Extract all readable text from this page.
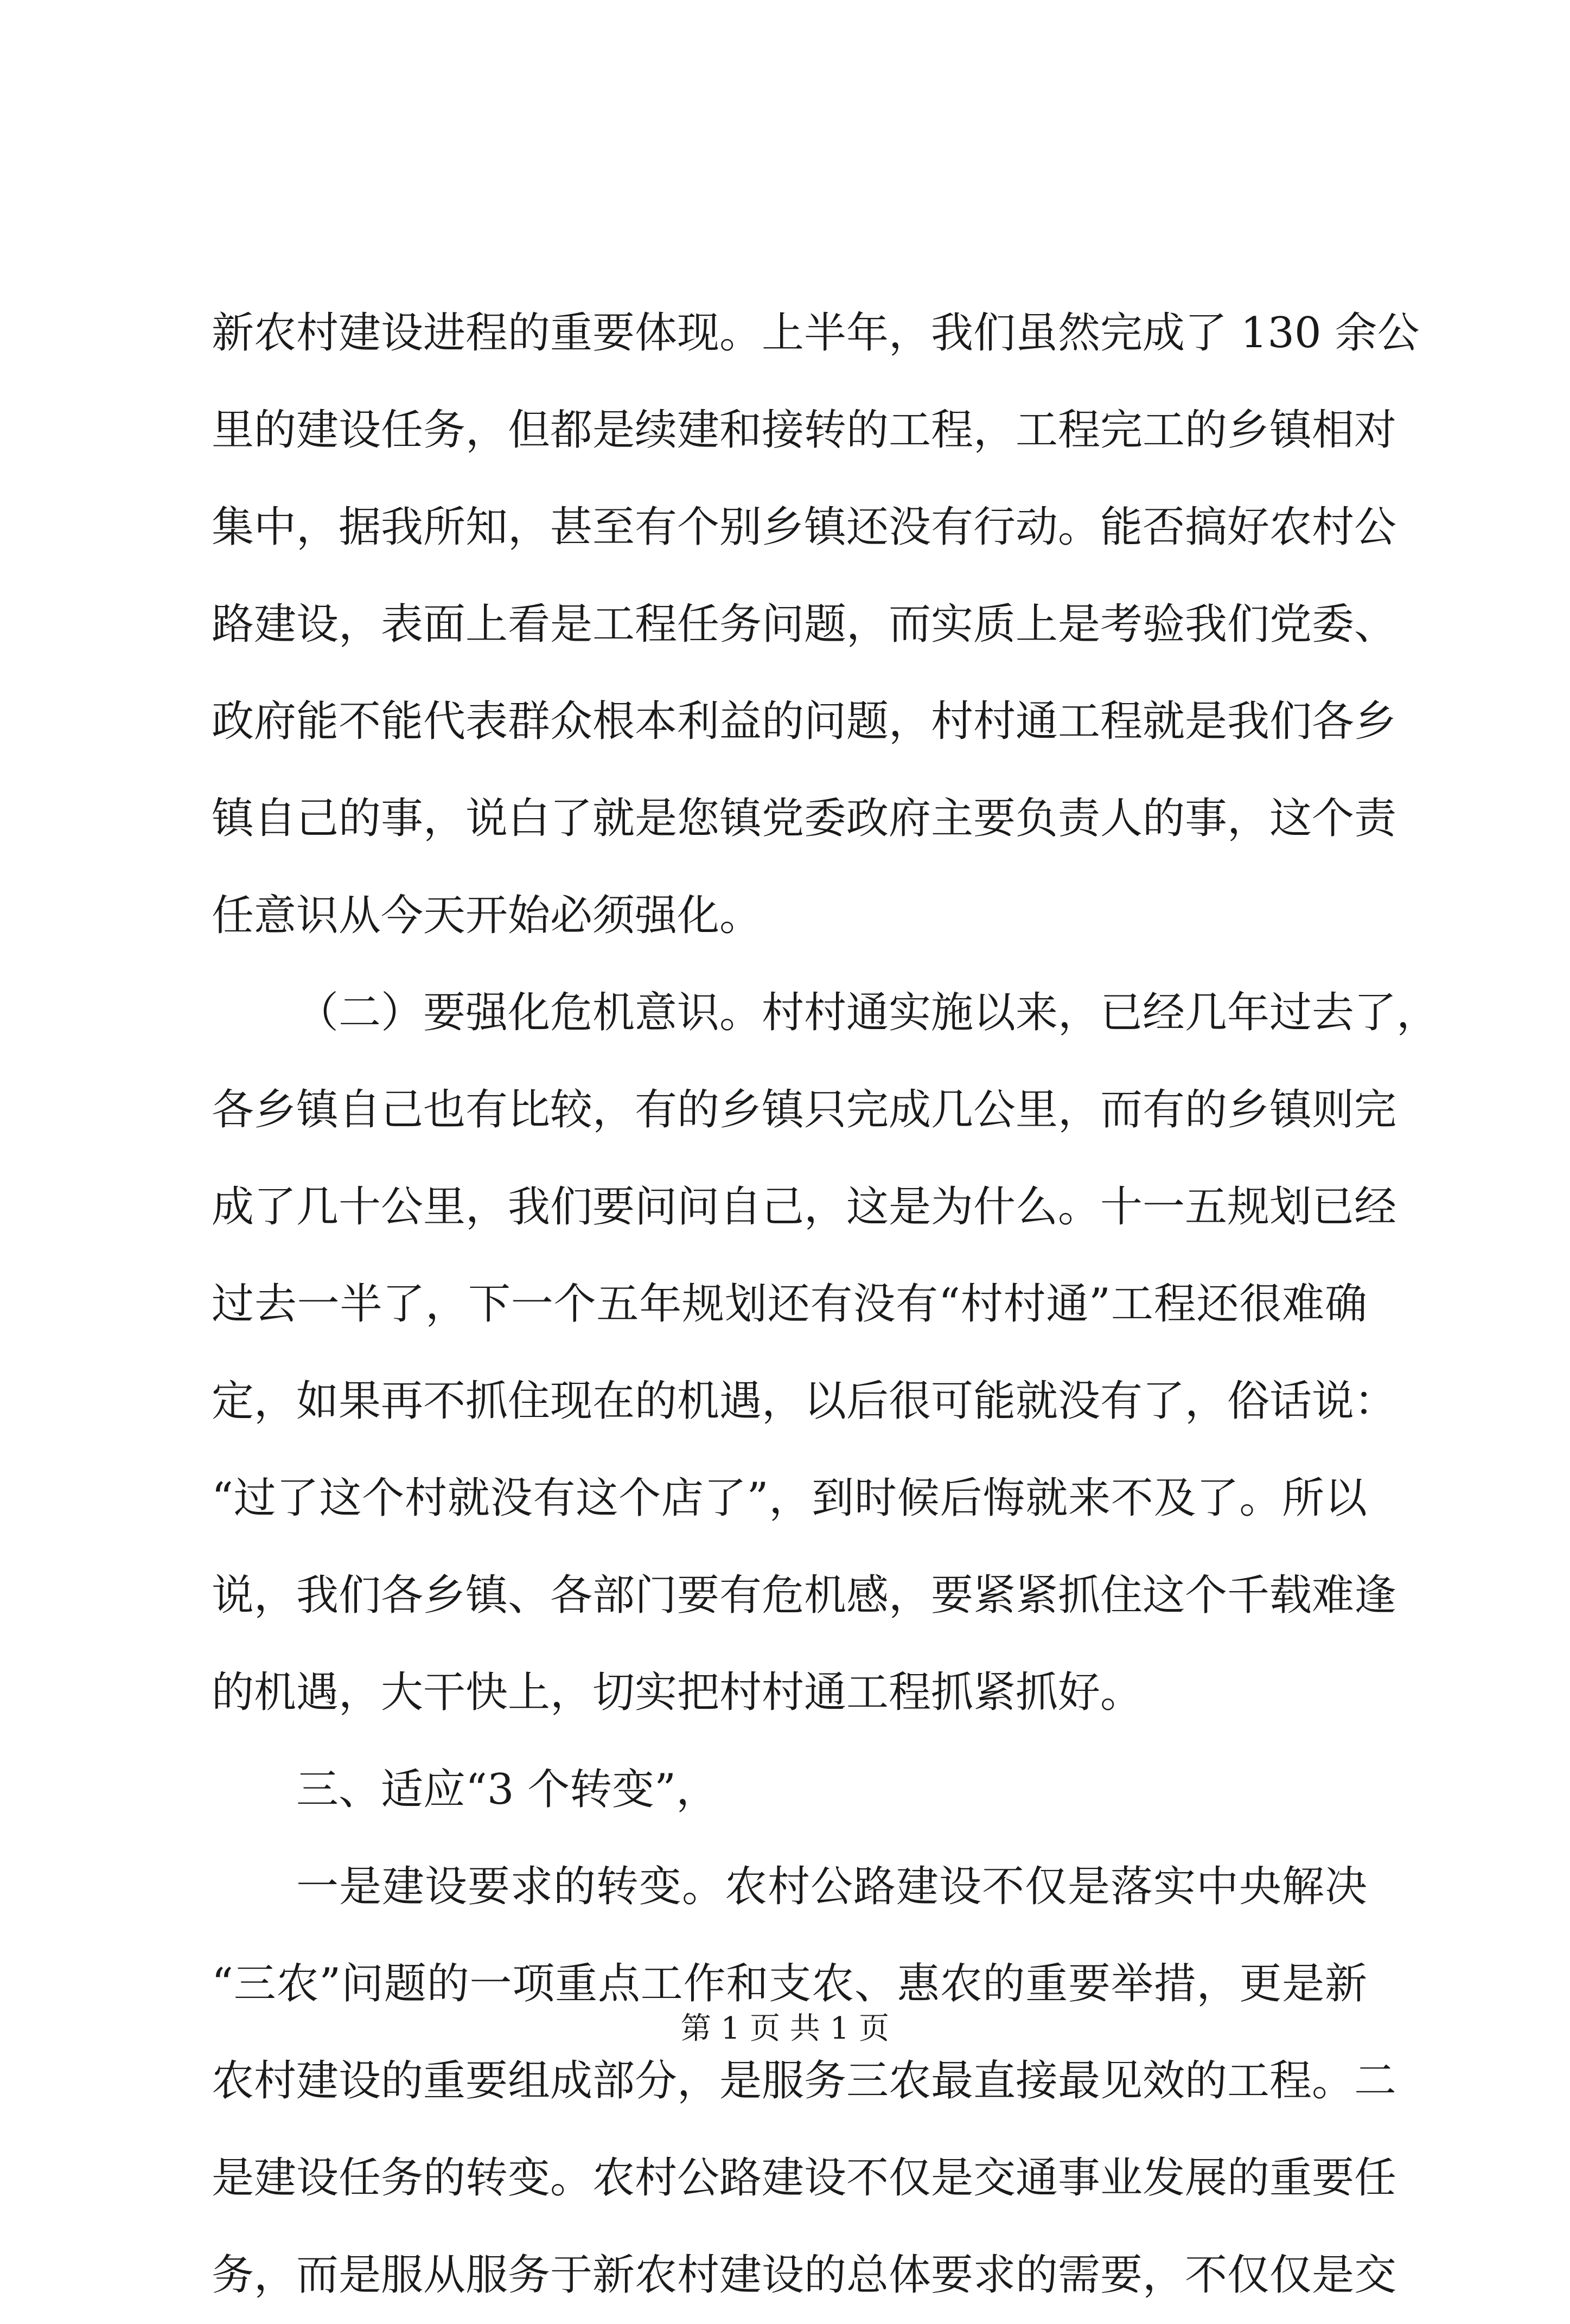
新农村建设进程的重要体现。上半年，我们虽然完成了 130 余公
里的建设任务，但都是续建和接转的工程，工程完工的乡镇相对
集中，据我所知，甚至有个别乡镇还没有行动。能否搞好农村公
路建设，表面上看是工程任务问题，而实质上是考验我们党委、
政府能不能代表群众根本利益的问题，村村通工程就是我们各乡
镇自己的事，说白了就是您镇党委政府主要负责人的事，这个责
任意识从今天开始必须强化。
（二）要强化危机意识。村村通实施以来，已经几年过去了，
各乡镇自己也有比较，有的乡镇只完成几公里，而有的乡镇则完
成了几十公里，我们要问问自己，这是为什么。十一五规划已经
过去一半了，下一个五年规划还有没有“村村通”工程还很难确
定，如果再不抓住现在的机遇，以后很可能就没有了，俗话说：
“过了这个村就没有这个店了”，到时候后悔就来不及了。所以
说，我们各乡镇、各部门要有危机感，要紧紧抓住这个千载难逢
的机遇，大干快上，切实把村村通工程抓紧抓好。
三、适应“3 个转变”，
一是建设要求的转变。农村公路建设不仅是落实中央解决
“三农”问题的一项重点工作和支农、惠农的重要举措，更是新
农村建设的重要组成部分，是服务三农最直接最见效的工程。二
是建设任务的转变。农村公路建设不仅是交通事业发展的重要任
务，而是服从服务于新农村建设的总体要求的需要，不仅仅是交
第 1 页 共 1 页
